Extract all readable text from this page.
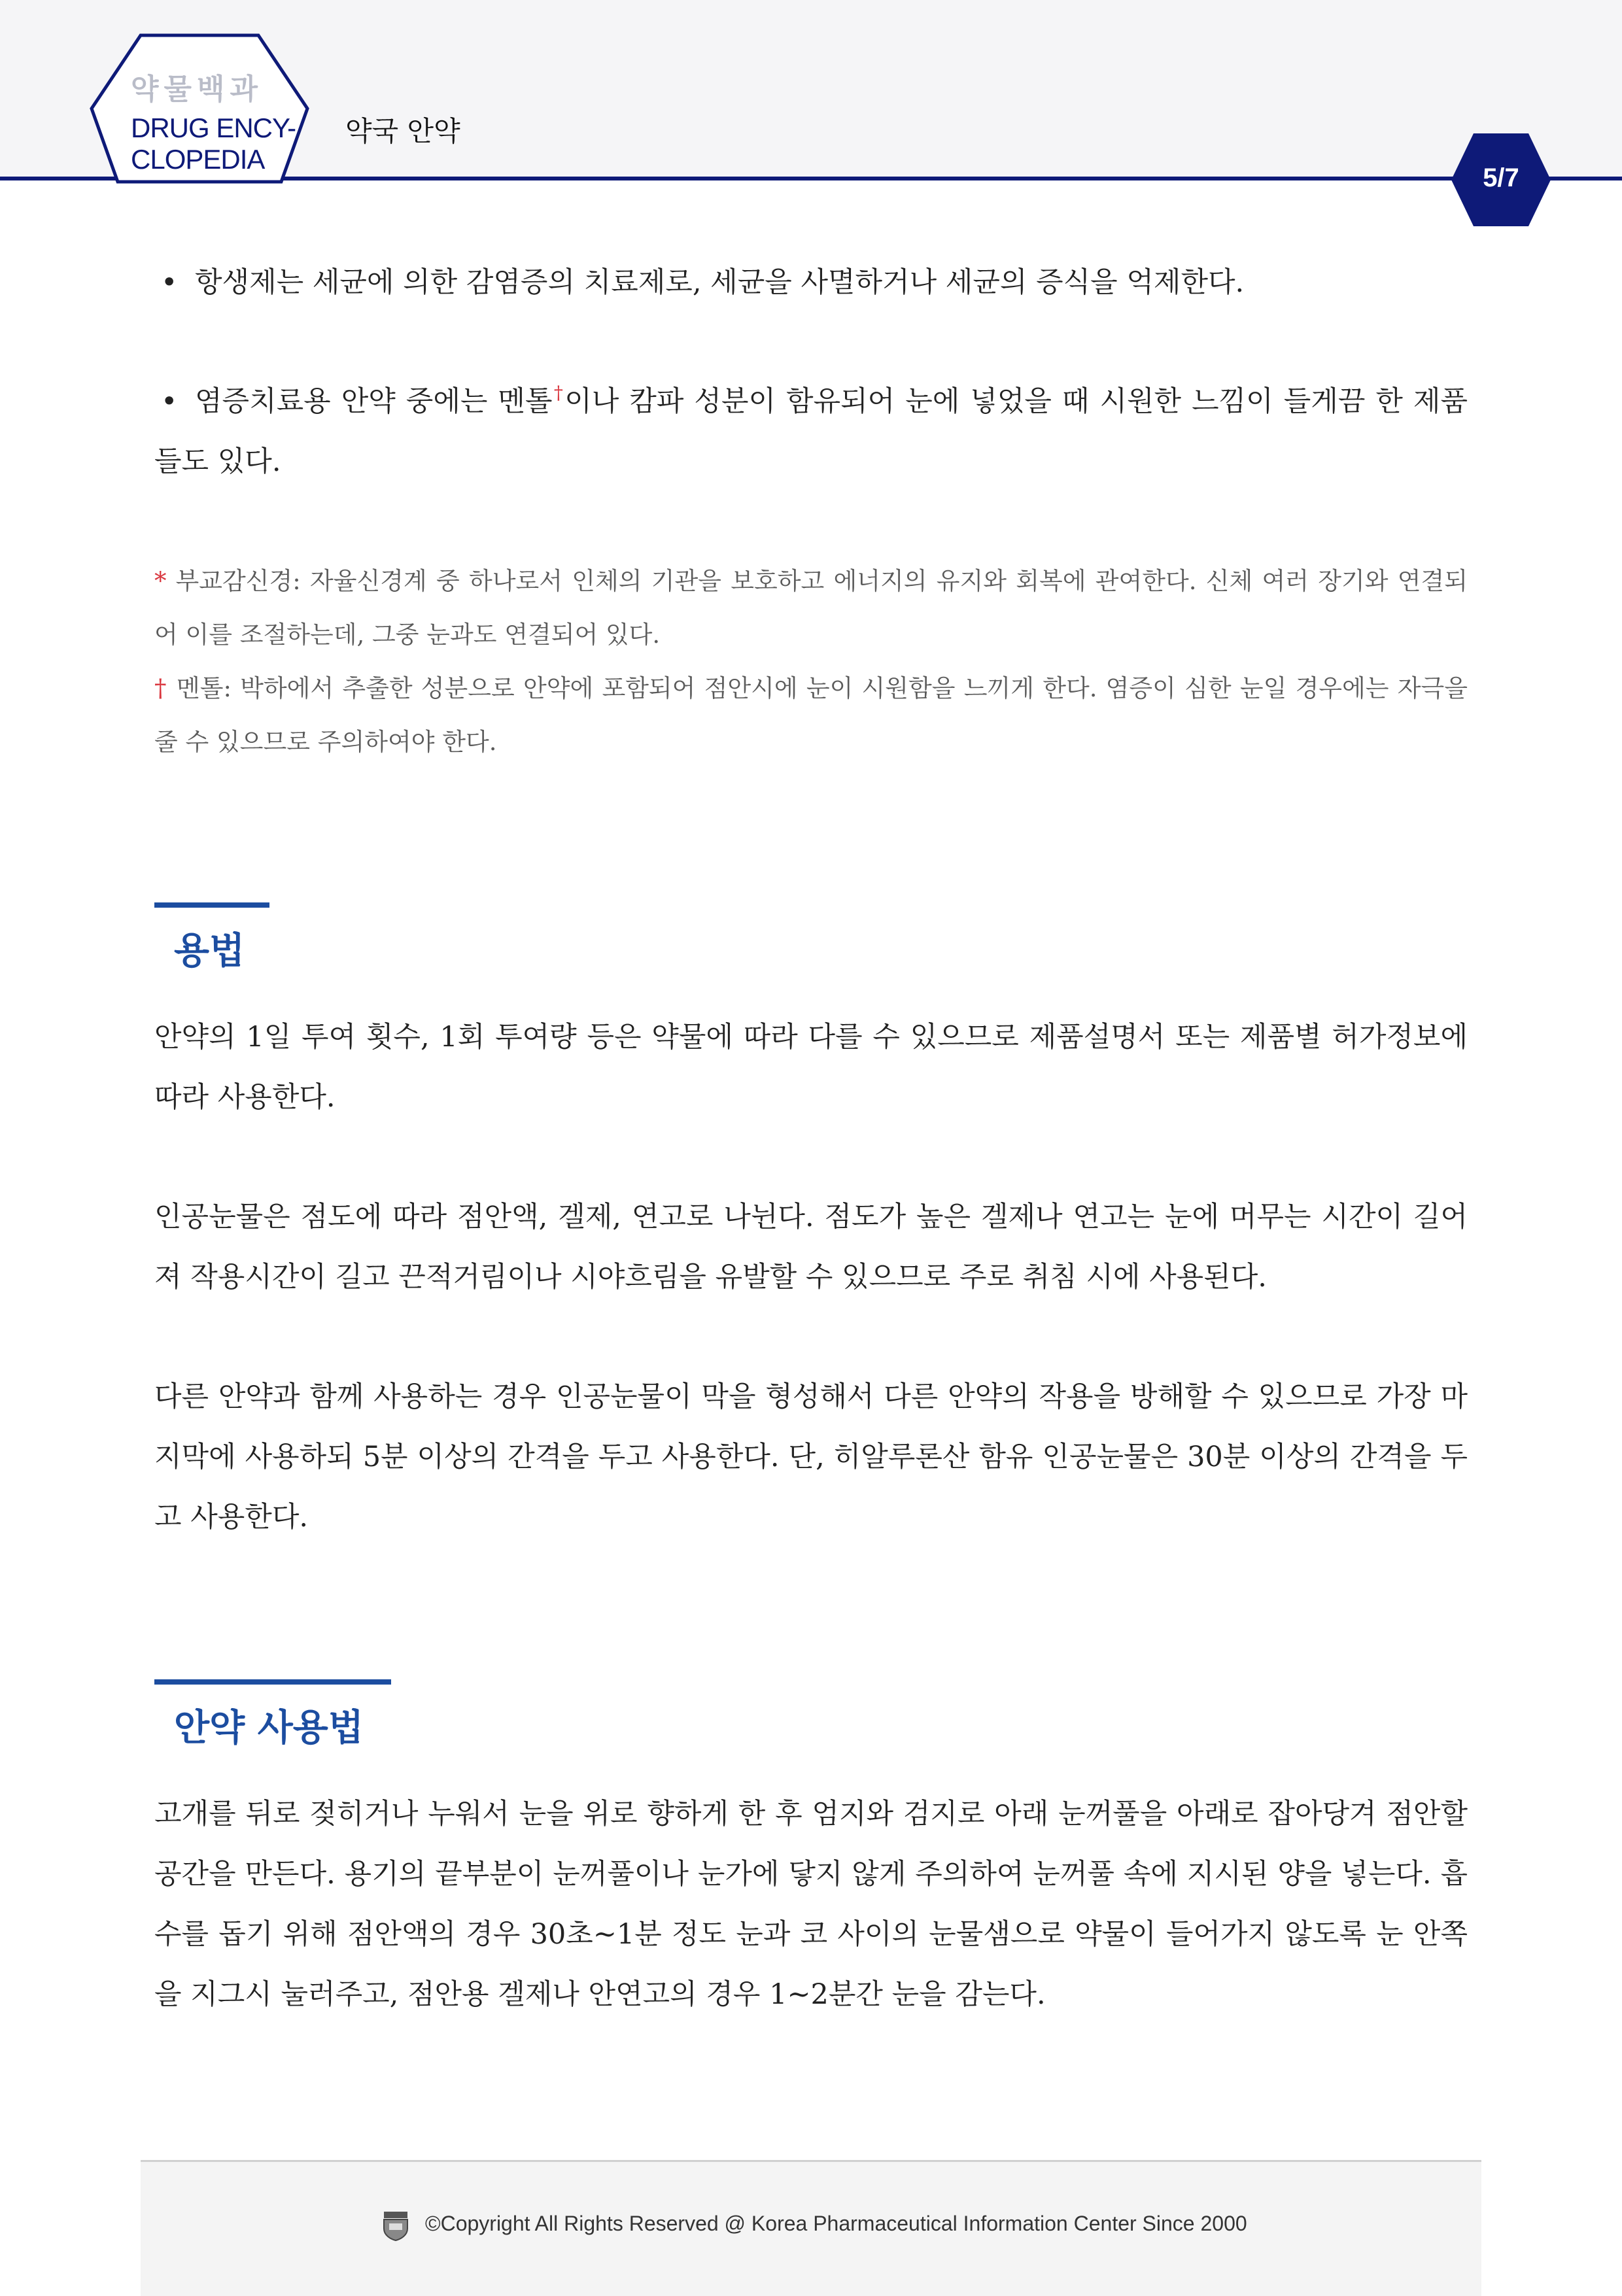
약물백과
DRUG ENCY-
CLOPEDIA
약국 안약
5/7

• 항생제는 세균에 의한 감염증의 치료제로, 세균을 사멸하거나 세균의 증식을 억제한다.

• 염증치료용 안약 중에는 멘톨†이나 캄파 성분이 함유되어 눈에 넣었을 때 시원한 느낌이 들게끔 한 제품들도 있다.

* 부교감신경: 자율신경계 중 하나로서 인체의 기관을 보호하고 에너지의 유지와 회복에 관여한다. 신체 여러 장기와 연결되어 이를 조절하는데, 그중 눈과도 연결되어 있다.

† 멘톨: 박하에서 추출한 성분으로 안약에 포함되어 점안시에 눈이 시원함을 느끼게 한다. 염증이 심한 눈일 경우에는 자극을 줄 수 있으므로 주의하여야 한다.

용법

안약의 1일 투여 횟수, 1회 투여량 등은 약물에 따라 다를 수 있으므로 제품설명서 또는 제품별 허가정보에 따라 사용한다.

인공눈물은 점도에 따라 점안액, 겔제, 연고로 나뉜다. 점도가 높은 겔제나 연고는 눈에 머무는 시간이 길어져 작용시간이 길고 끈적거림이나 시야흐림을 유발할 수 있으므로 주로 취침 시에 사용된다.

다른 안약과 함께 사용하는 경우 인공눈물이 막을 형성해서 다른 안약의 작용을 방해할 수 있으므로 가장 마지막에 사용하되 5분 이상의 간격을 두고 사용한다. 단, 히알루론산 함유 인공눈물은 30분 이상의 간격을 두고 사용한다.

안약 사용법

고개를 뒤로 젖히거나 누워서 눈을 위로 향하게 한 후 엄지와 검지로 아래 눈꺼풀을 아래로 잡아당겨 점안할 공간을 만든다. 용기의 끝부분이 눈꺼풀이나 눈가에 닿지 않게 주의하여 눈꺼풀 속에 지시된 양을 넣는다. 흡수를 돕기 위해 점안액의 경우 30초~1분 정도 눈과 코 사이의 눈물샘으로 약물이 들어가지 않도록 눈 안쪽을 지그시 눌러주고, 점안용 겔제나 안연고의 경우 1~2분간 눈을 감는다.

©Copyright All Rights Reserved @ Korea Pharmaceutical Information Center Since 2000
